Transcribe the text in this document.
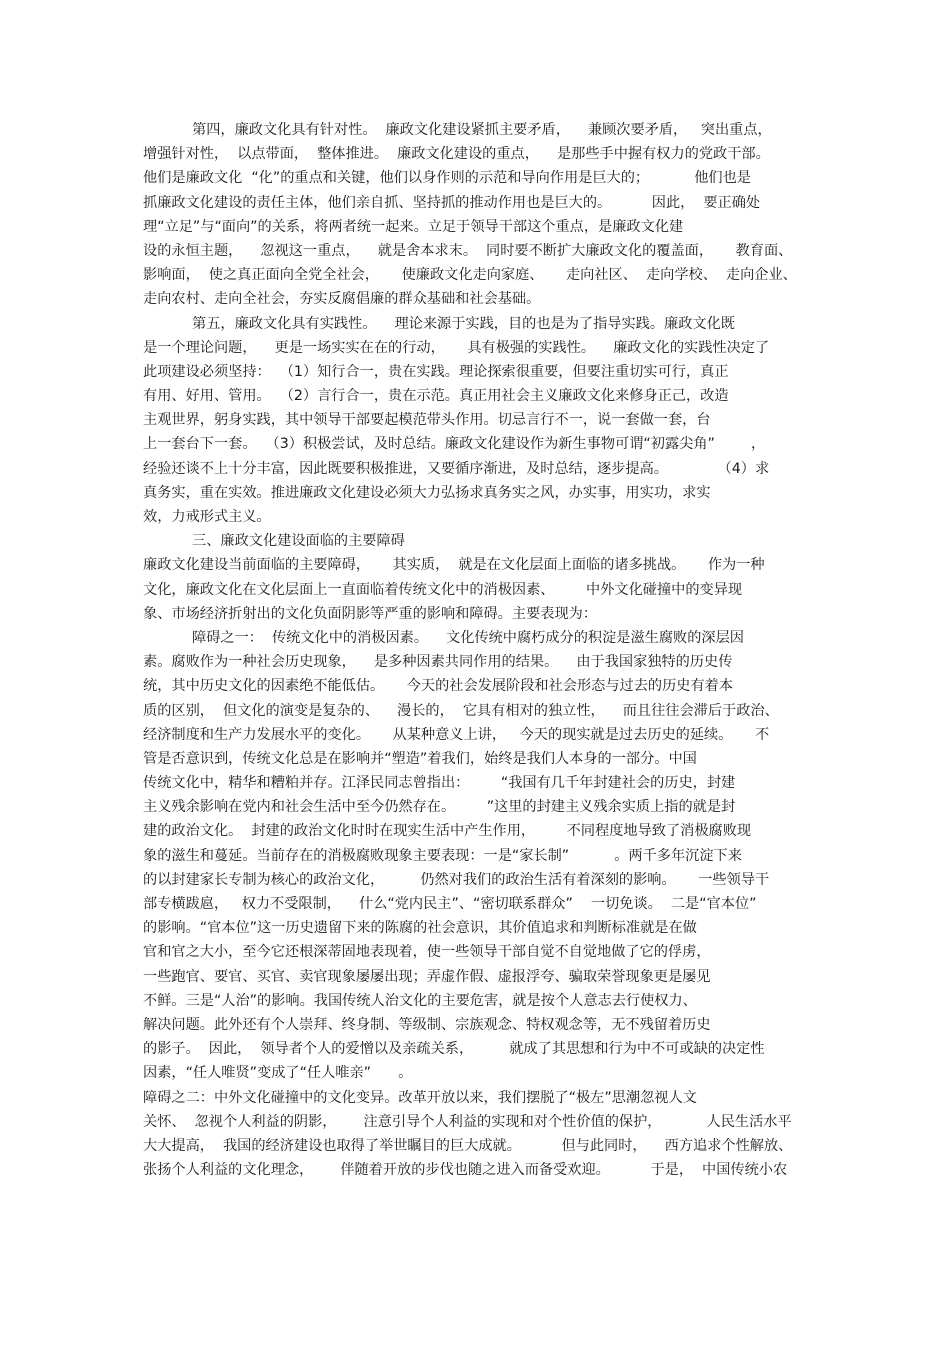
第四，廉政文化具有针对性。  廉政文化建设紧抓主要矛盾，    兼顾次要矛盾，   突出重点，
增强针对性，  以点带面，  整体推进。  廉政文化建设的重点，    是那些手中握有权力的党政干部。
他们是廉政文化  “化”的重点和关键，他们以身作则的示范和导向作用是巨大的；          他们也是
抓廉政文化建设的责任主体，他们亲自抓、坚持抓的推动作用也是巨大的。         因此，  要正确处
理“立足”与“面向”的关系，将两者统一起来。立足于领导干部这个重点，是廉政文化建
设的永恒主题，    忽视这一重点，    就是舍本求末。  同时要不断扩大廉政文化的覆盖面，     教育面、
影响面，  使之真正面向全党全社会，     使廉政文化走向家庭、     走向社区、  走向学校、  走向企业、
走向农村、走向全社会，夯实反腐倡廉的群众基础和社会基础。
第五，廉政文化具有实践性。    理论来源于实践，目的也是为了指导实践。廉政文化既
是一个理论问题，    更是一场实实在在的行动，     具有极强的实践性。    廉政文化的实践性决定了
此项建设必须坚持：  （1）知行合一，贵在实践。理论探索很重要，但要注重切实可行，真正
有用、好用、管用。  （2）言行合一，贵在示范。真正用社会主义廉政文化来修身正己，改造
主观世界，躬身实践，其中领导干部要起模范带头作用。切忌言行不一，说一套做一套，台
上一套台下一套。  （3）积极尝试，及时总结。廉政文化建设作为新生事物可谓“初露尖角”        ，
经验还谈不上十分丰富，因此既要积极推进，又要循序渐进，及时总结，逐步提高。           （4）求
真务实，重在实效。推进廉政文化建设必须大力弘扬求真务实之风，办实事，用实功，求实
效，力戒形式主义。
三、廉政文化建设面临的主要障碍
廉政文化建设当前面临的主要障碍，     其实质，  就是在文化层面上面临的诸多挑战。     作为一种
文化，廉政文化在文化层面上一直面临着传统文化中的消极因素、       中外文化碰撞中的变异现
象、市场经济折射出的文化负面阴影等严重的影响和障碍。主要表现为：
障碍之一：  传统文化中的消极因素。    文化传统中腐朽成分的积淀是滋生腐败的深层因
素。腐败作为一种社会历史现象，    是多种因素共同作用的结果。    由于我国家独特的历史传
统，其中历史文化的因素绝不能低估。     今天的社会发展阶段和社会形态与过去的历史有着本
质的区别，  但文化的演变是复杂的、    漫长的，  它具有相对的独立性，    而且往往会滞后于政治、
经济制度和生产力发展水平的变化。     从某种意义上讲，   今天的现实就是过去历史的延续。     不
管是否意识到，传统文化总是在影响并“塑造”着我们，始终是我们人本身的一部分。中国
传统文化中，精华和糟粕并存。江泽民同志曾指出：       “我国有几千年封建社会的历史，封建
主义残余影响在党内和社会生活中至今仍然存在。       ”这里的封建主义残余实质上指的就是封
建的政治文化。  封建的政治文化时时在现实生活中产生作用，       不同程度地导致了消极腐败现
象的滋生和蔓延。当前存在的消极腐败现象主要表现：一是“家长制”          。两千多年沉淀下来
的以封建家长专制为核心的政治文化，        仍然对我们的政治生活有着深刻的影响。     一些领导干
部专横跋扈，   权力不受限制，    什么“党内民主”、“密切联系群众”    一切免谈。  二是“官本位”
的影响。“官本位”这一历史遗留下来的陈腐的社会意识，其价值追求和判断标准就是在做
官和官之大小，至今它还根深蒂固地表现着，使一些领导干部自觉不自觉地做了它的俘虏，
一些跑官、要官、买官、卖官现象屡屡出现；弄虚作假、虚报浮夸、骗取荣誉现象更是屡见
不鲜。三是“人治”的影响。我国传统人治文化的主要危害，就是按个人意志去行使权力、
解决问题。此外还有个人崇拜、终身制、等级制、宗族观念、特权观念等，无不残留着历史
的影子。  因此，  领导者个人的爱憎以及亲疏关系，        就成了其思想和行为中不可或缺的决定性
因素，“任人唯贤”变成了“任人唯亲”      。
障碍之二：中外文化碰撞中的文化变异。改革开放以来，我们摆脱了“极左”思潮忽视人文
关怀、  忽视个人利益的阴影，      注意引导个人利益的实现和对个性价值的保护，          人民生活水平
大大提高，  我国的经济建设也取得了举世瞩目的巨大成就。         但与此同时，    西方追求个性解放、
张扬个人利益的文化理念，      伴随着开放的步伐也随之进入而备受欢迎。         于是，  中国传统小农
